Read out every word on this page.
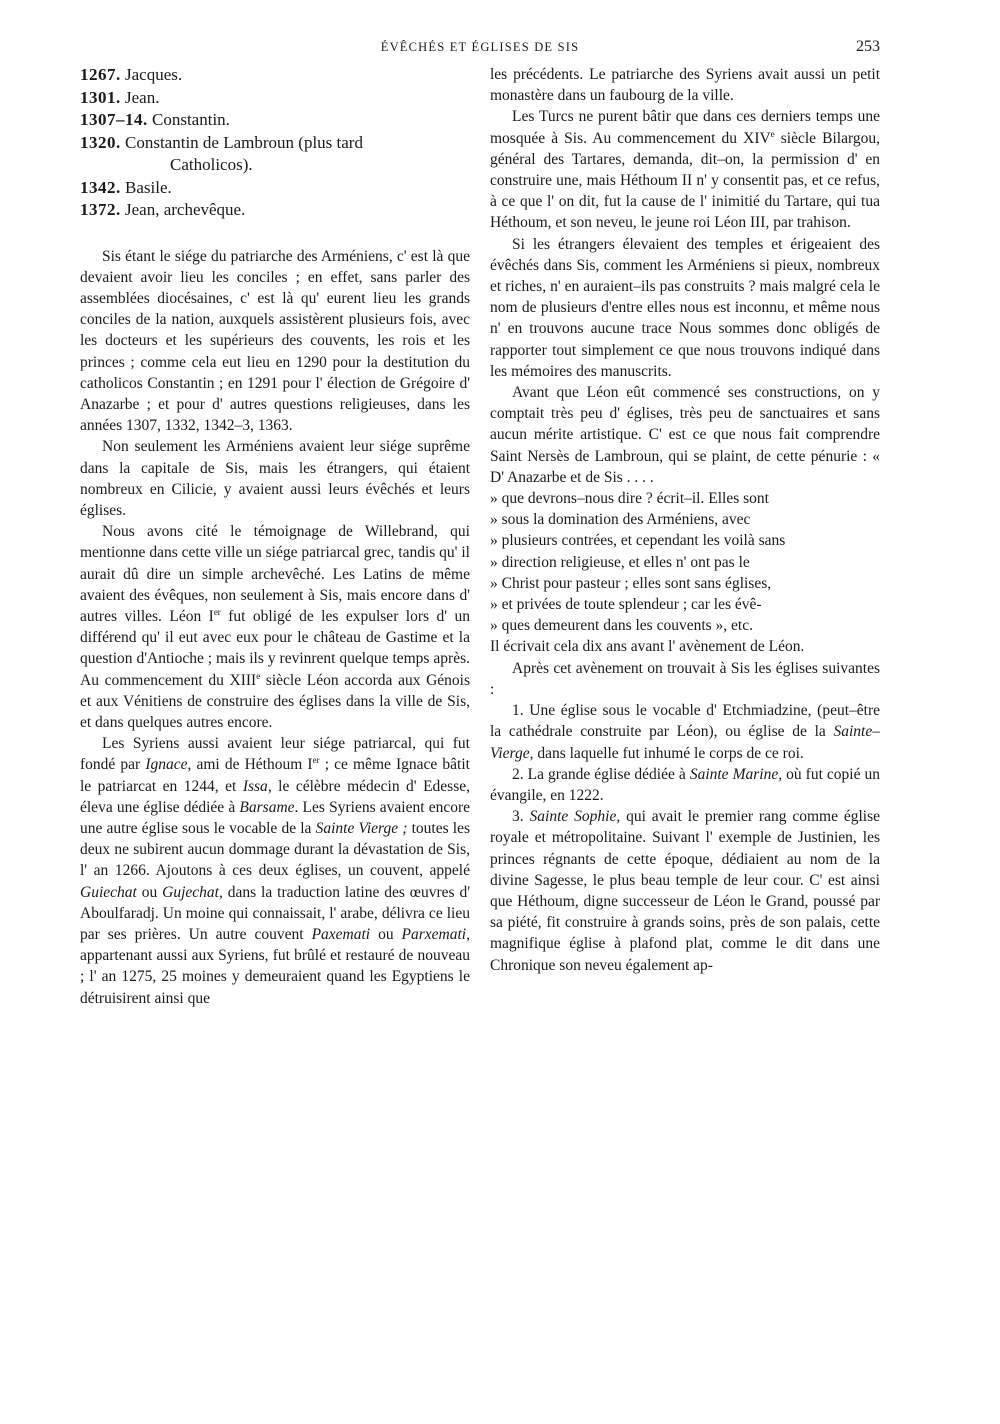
ÉVÊCHÉS ET ÉGLISES DE SIS	253
1267. Jacques.
1301. Jean.
1307–14. Constantin.
1320. Constantin de Lambroun (plus tard
Catholicos).
1342. Basile.
1372. Jean, archevêque.

Sis étant le siége du patriarche des Arméniens, c' est là que devaient avoir lieu les conciles ; en effet, sans parler des assemblées diocésaines, c' est là qu' eurent lieu les grands conciles de la nation, auxquels assistèrent plusieurs fois, avec les docteurs et les supérieurs des couvents, les rois et les princes ; comme cela eut lieu en 1290 pour la destitution du catholicos Constantin ; en 1291 pour l' élection de Grégoire d' Anazarbe ; et pour d' autres questions religieuses, dans les années 1307, 1332, 1342–3, 1363.

Non seulement les Arméniens avaient leur siége suprême dans la capitale de Sis, mais les étrangers, qui étaient nombreux en Cilicie, y avaient aussi leurs évêchés et leurs églises.

Nous avons cité le témoignage de Willebrand, qui mentionne dans cette ville un siége patriarcal grec, tandis qu' il aurait dû dire un simple archevêché. Les Latins de même avaient des évêques, non seulement à Sis, mais encore dans d' autres villes. Léon Ier fut obligé de les expulser lors d' un différend qu' il eut avec eux pour le château de Gastime et la question d'Antioche ; mais ils y revinrent quelque temps après. Au commencement du XIIIe siècle Léon accorda aux Génois et aux Vénitiens de construire des églises dans la ville de Sis, et dans quelques autres encore.

Les Syriens aussi avaient leur siége patriarcal, qui fut fondé par Ignace, ami de Héthoum Ier ; ce même Ignace bâtit le patriarcat en 1244, et Issa, le célèbre médecin d' Edesse, éleva une église dédiée à Barsame. Les Syriens avaient encore une autre église sous le vocable de la Sainte Vierge ; toutes les deux ne subirent aucun dommage durant la dévastation de Sis, l' an 1266. Ajoutons à ces deux églises, un couvent, appelé Guiechat ou Gujechat, dans la traduction latine des œuvres d' Aboulfaradj. Un moine qui connaissait, l' arabe, délivra ce lieu par ses prières. Un autre couvent Paxemati ou Parxemati, appartenant aussi aux Syriens, fut brûlé et restauré de nouveau ; l' an 1275, 25 moines y demeuraient quand les Egyptiens le détruisirent ainsi que

les précédents. Le patriarche des Syriens avait aussi un petit monastère dans un faubourg de la ville.

Les Turcs ne purent bâtir que dans ces derniers temps une mosquée à Sis. Au commencement du XIVe siècle Bilargou, général des Tartares, demanda, dit–on, la permission d' en construire une, mais Héthoum II n' y consentit pas, et ce refus, à ce que l' on dit, fut la cause de l' inimitié du Tartare, qui tua Héthoum, et son neveu, le jeune roi Léon III, par trahison.

Si les étrangers élevaient des temples et érigeaient des évêchés dans Sis, comment les Arméniens si pieux, nombreux et riches, n' en auraient–ils pas construits ? mais malgré cela le nom de plusieurs d'entre elles nous est inconnu, et même nous n' en trouvons aucune trace Nous sommes donc obligés de rapporter tout simplement ce que nous trouvons indiqué dans les mémoires des manuscrits.

Avant que Léon eût commencé ses constructions, on y comptait très peu d' églises, très peu de sanctuaires et sans aucun mérite artistique. C' est ce que nous fait comprendre Saint Nersès de Lambroun, qui se plaint, de cette pénurie : « D' Anazarbe et de Sis . . . .

» que devrons–nous dire ? écrit–il. Elles sont

» sous la domination des Arméniens, avec

» plusieurs contrées, et cependant les voilà sans

» direction religieuse, et elles n' ont pas le

» Christ pour pasteur ; elles sont sans églises,

» et privées de toute splendeur ; car les évê-

» ques demeurent dans les couvents », etc.

Il écrivait cela dix ans avant l' avènement de Léon.

Après cet avènement on trouvait à Sis les églises suivantes :

1. Une église sous le vocable d' Etchmiadzine, (peut–être la cathédrale construite par Léon), ou église de la Sainte–Vierge, dans laquelle fut inhumé le corps de ce roi.

2. La grande église dédiée à Sainte Marine, où fut copié un évangile, en 1222.

3. Sainte Sophie, qui avait le premier rang comme église royale et métropolitaine. Suivant l' exemple de Justinien, les princes régnants de cette époque, dédiaient au nom de la divine Sagesse, le plus beau temple de leur cour. C' est ainsi que Héthoum, digne successeur de Léon le Grand, poussé par sa piété, fit construire à grands soins, près de son palais, cette magnifique église à plafond plat, comme le dit dans une Chronique son neveu également ap-
